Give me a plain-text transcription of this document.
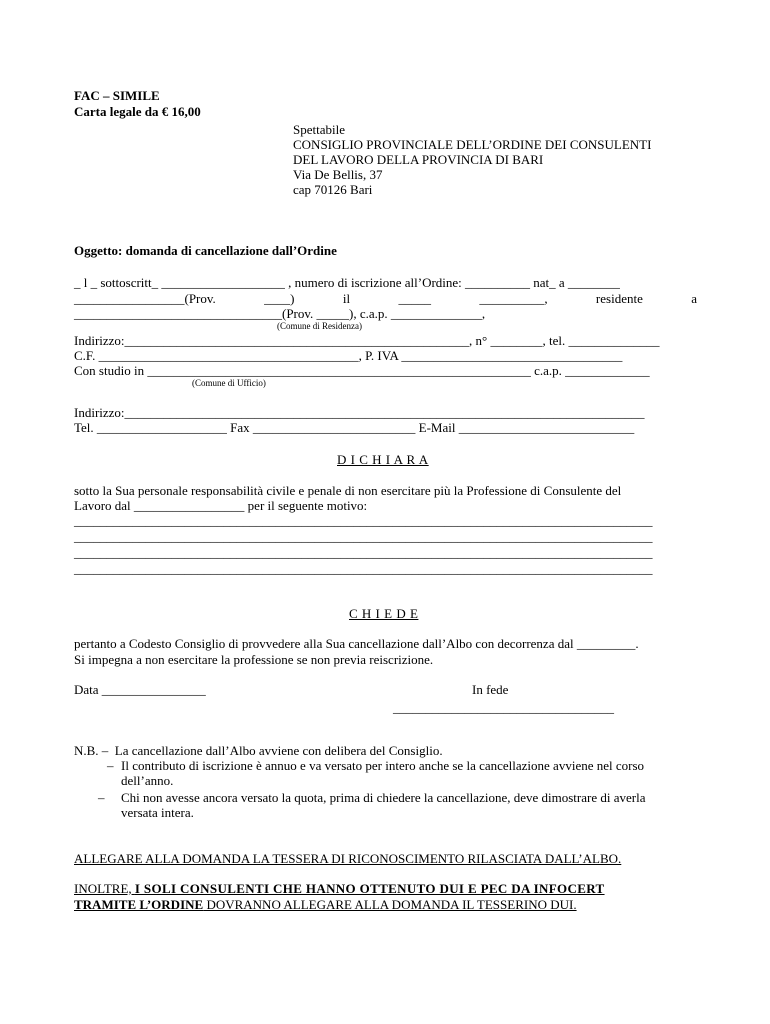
FAC – SIMILE
Carta legale da € 16,00
Spettabile
CONSIGLIO PROVINCIALE DELL’ORDINE DEI CONSULENTI
DEL LAVORO DELLA PROVINCIA DI BARI
Via De Bellis, 37
cap 70126 Bari
Oggetto: domanda di cancellazione dall’Ordine
_ l _ sottoscritt_ ___________________ , numero di iscrizione all’Ordine: __________ nat_ a ________
_________________(Prov.	____)	il	_____	__________,	residente	a
________________________________(Prov. _____), c.a.p. ______________,
(Comune di Residenza)
Indirizzo:_____________________________________________________, n° ________, tel. ______________
C.F. ________________________________________, P. IVA __________________________________
Con studio in ___________________________________________________________ c.a.p. _____________
(Comune di Ufficio)
Indirizzo:________________________________________________________________________________
Tel. ____________________ Fax _________________________ E-Mail ___________________________
D I C H I A R A
sotto la Sua personale responsabilità civile e penale di non esercitare più la Professione di Consulente del
Lavoro dal _________________ per il seguente motivo:
_________________________________________________________________________________________
_________________________________________________________________________________________
_________________________________________________________________________________________
_________________________________________________________________________________________
C H I E D E
pertanto a Codesto Consiglio di provvedere alla Sua cancellazione dall’Albo con decorrenza dal _________.
Si impegna a non esercitare la professione se non previa reiscrizione.
Data ________________	In fede
__________________________________
N.B. –  La cancellazione dall’Albo avviene con delibera del Consiglio.
– Il contributo di iscrizione è annuo e va versato per intero anche se la cancellazione avviene nel corso
dell’anno.
– Chi non avesse ancora versato la quota, prima di chiedere la cancellazione, deve dimostrare di averla
versata intera.
ALLEGARE ALLA DOMANDA LA TESSERA DI RICONOSCIMENTO RILASCIATA DALL’ALBO.
INOLTRE, I SOLI CONSULENTI CHE HANNO OTTENUTO DUI E PEC DA INFOCERT
TRAMITE L’ORDINE DOVRANNO ALLEGARE ALLA DOMANDA IL TESSERINO DUI.
